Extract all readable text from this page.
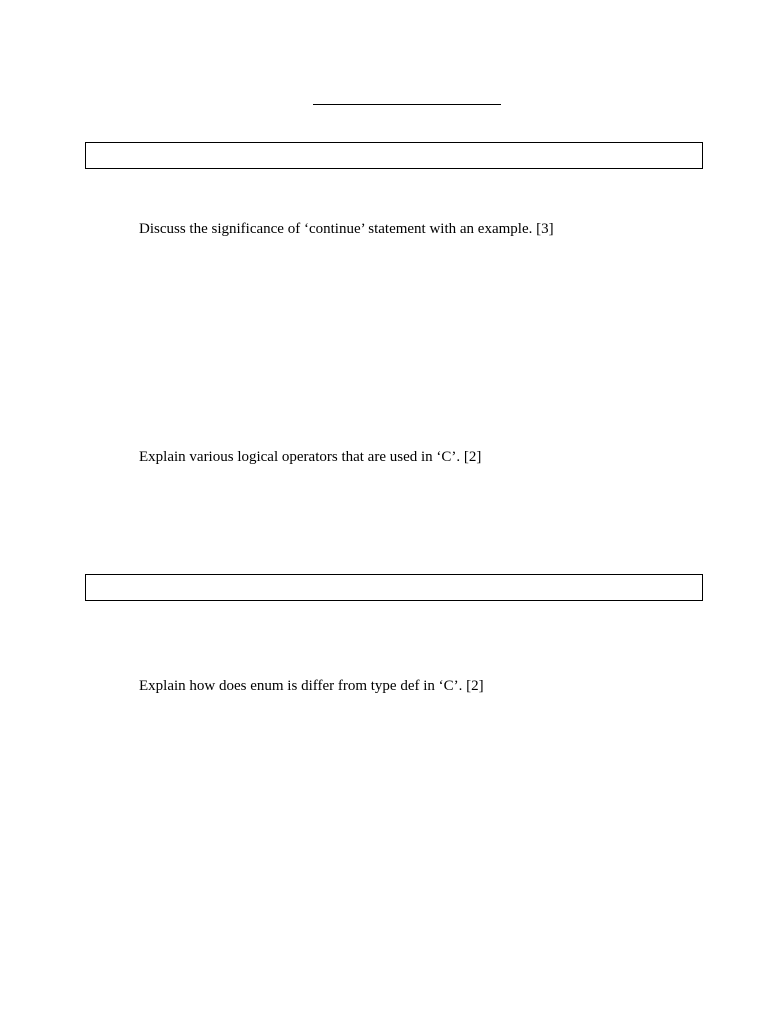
Discuss the significance of ‘continue’ statement with an example. [3]
Explain various logical operators that are used in ‘C’. [2]
Explain how does enum is differ from type def in ‘C’. [2]
